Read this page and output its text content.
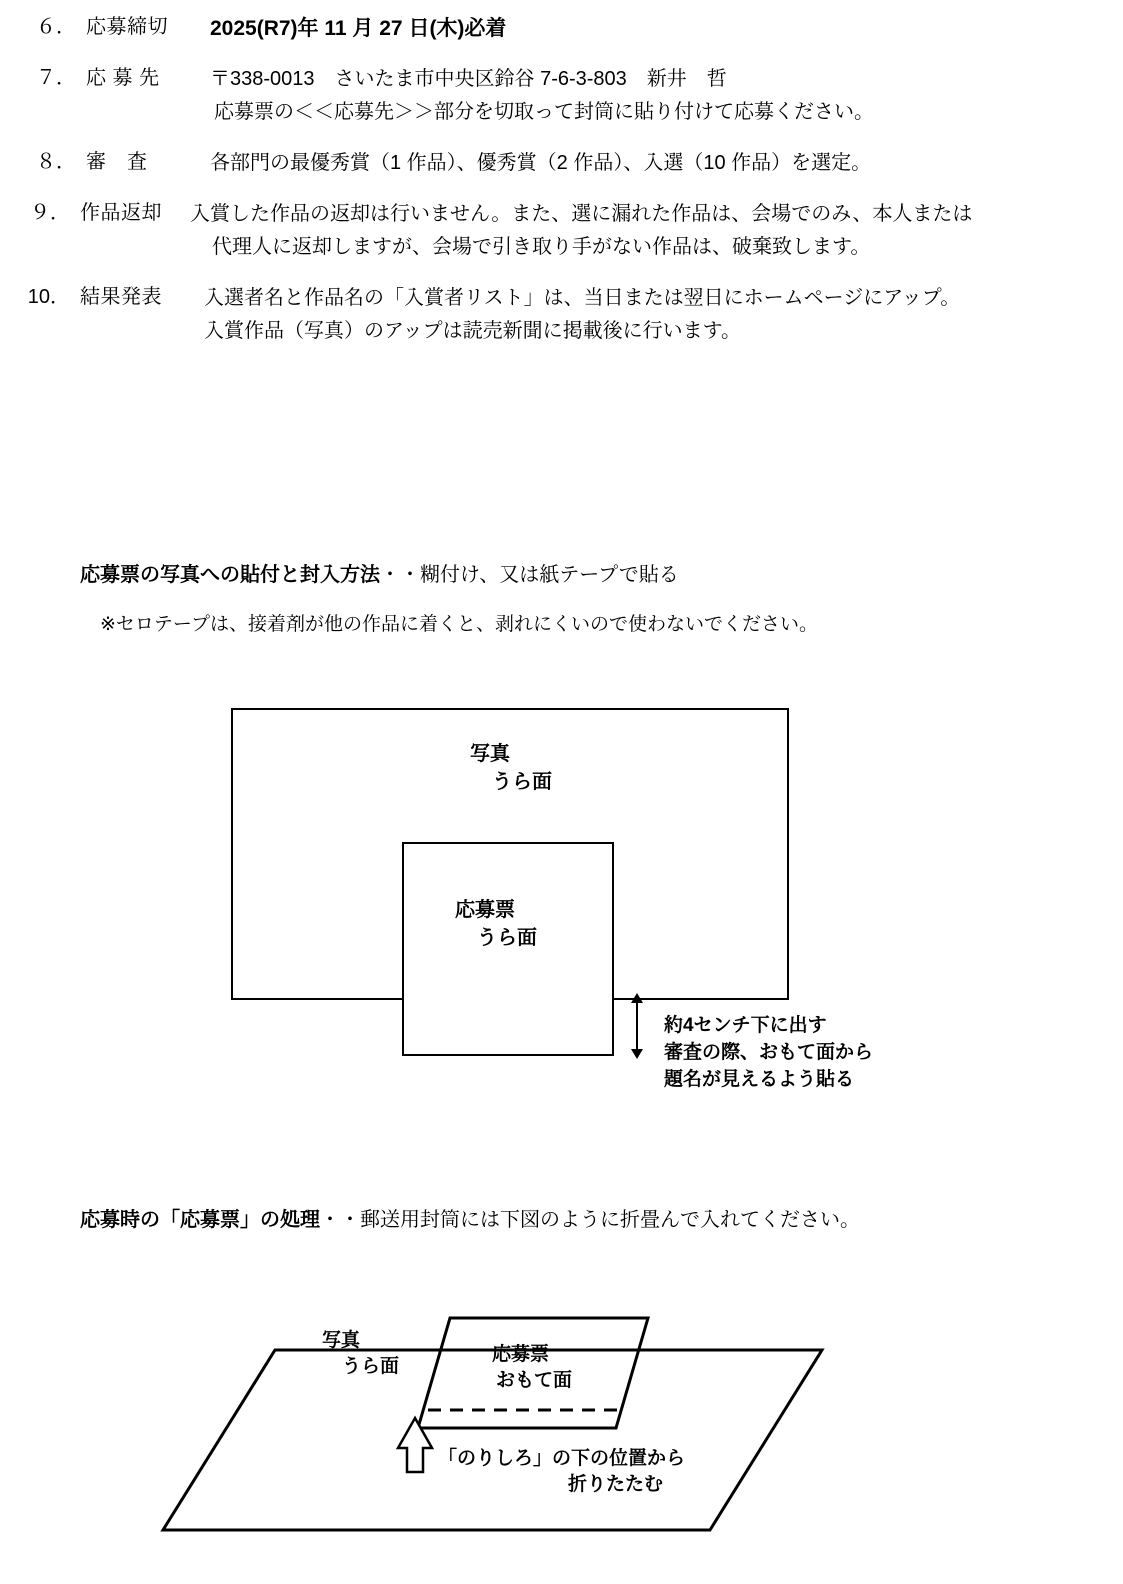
６． 応募締切	2025(R7)年 11 月 27 日(木)必着
７． 応 募 先	〒338-0013　さいたま市中央区鈴谷 7-6-3-803　新井　哲
応募票の＜＜応募先＞＞部分を切取って封筒に貼り付けて応募ください。
８． 審　査	各部門の最優秀賞（1 作品）、優秀賞（2 作品）、入選（10 作品）を選定。
９． 作品返却	入賞した作品の返却は行いません。また、選に漏れた作品は、会場でのみ、本人または
代理人に返却しますが、会場で引き取り手がない作品は、破棄致します。
10． 結果発表	入選者名と作品名の「入賞者リスト」は、当日または翌日にホームページにアップ。
入賞作品（写真）のアップは読売新聞に掲載後に行います。
応募票の写真への貼付と封入方法・・糊付け、又は紙テープで貼る
※セロテープは、接着剤が他の作品に着くと、剥れにくいので使わないでください。
写真
うら面
応募票
うら面
約4センチ下に出す
審査の際、おもて面から
題名が見えるよう貼る
応募時の「応募票」の処理・・郵送用封筒には下図のように折畳んで入れてください。
写真
うら面
応募票
おもて面
「のりしろ」の下の位置から
折りたたむ
